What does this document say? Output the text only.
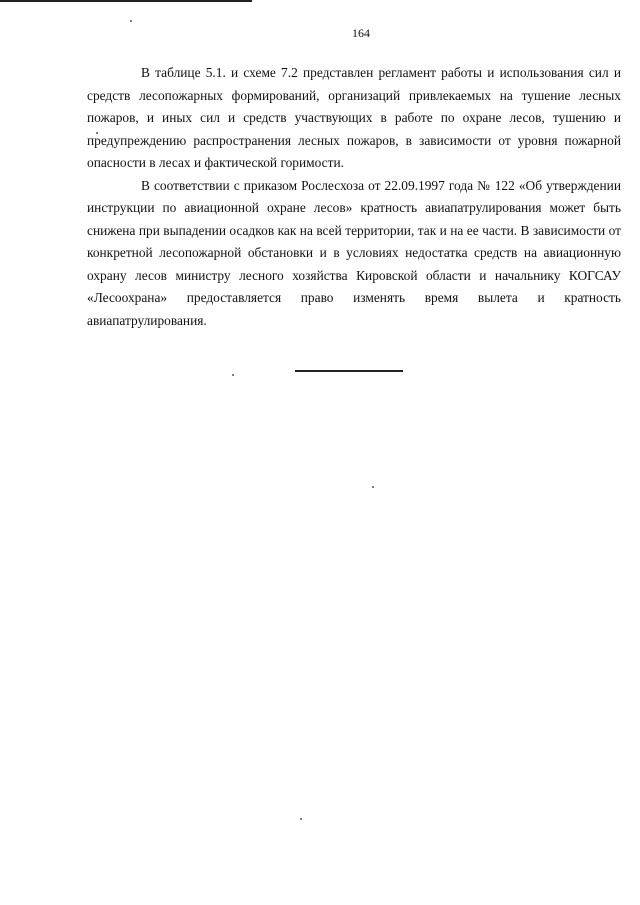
164

В таблице 5.1. и схеме 7.2 представлен регламент работы и использования сил и средств лесопожарных формирований, организаций привлекаемых на тушение лесных пожаров, и иных сил и средств участвующих в работе по охране лесов, тушению и предупреждению распространения лесных пожаров, в зависимости от уровня пожарной опасности в лесах и фактической горимости.

В соответствии с приказом Рослесхоза от 22.09.1997 года № 122 «Об утверждении инструкции по авиационной охране лесов» кратность авиапатрулирования может быть снижена при выпадении осадков как на всей территории, так и на ее части. В зависимости от конкретной лесопожарной обстановки и в условиях недостатка средств на авиационную охрану лесов министру лесного хозяйства Кировской области и начальнику КОГСАУ «Лесоохрана» предоставляется право изменять время вылета и кратность авиапатрулирования.
